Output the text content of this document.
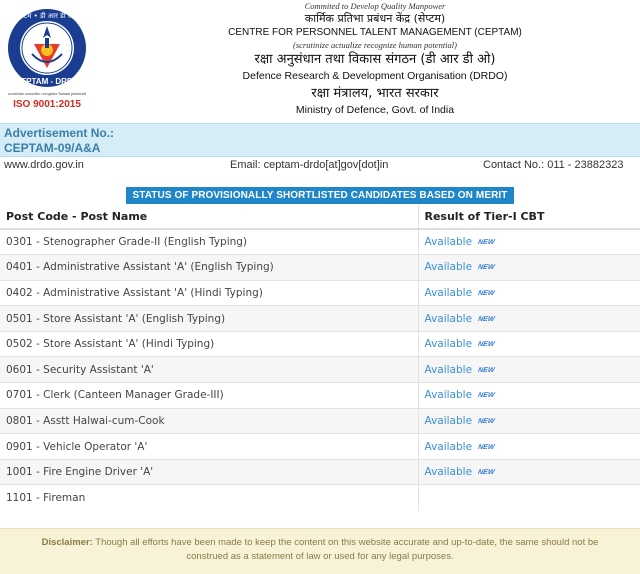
सेंटम • डी आर डी ओ
CEPTAM - DRDO
scrutinize actualize recognize human potential
ISO 9001:2015
Commited to Develop Quality Manpower
कार्मिक प्रतिभा प्रबंधन केंद्र (सेप्टम)
CENTRE FOR PERSONNEL TALENT MANAGEMENT (CEPTAM)
(scrutinize actualize recognize human potential)
रक्षा अनुसंधान तथा विकास संगठन (डी आर डी ओ)
Defence Research & Development Organisation (DRDO)
रक्षा मंत्रालय, भारत सरकार
Ministry of Defence, Govt. of India
Advertisement No.:
CEPTAM-09/A&A
www.drdo.gov.in	Email: ceptam-drdo[at]gov[dot]in	Contact No.: 011 - 23882323
STATUS OF PROVISIONALLY SHORTLISTED CANDIDATES BASED ON MERIT
Post Code - Post Name	Result of Tier-I CBT
0301 - Stenographer Grade-II (English Typing)	Available NEW
0401 - Administrative Assistant 'A' (English Typing)	Available NEW
0402 - Administrative Assistant 'A' (Hindi Typing)	Available NEW
0501 - Store Assistant 'A' (English Typing)	Available NEW
0502 - Store Assistant 'A' (Hindi Typing)	Available NEW
0601 - Security Assistant 'A'	Available NEW
0701 - Clerk (Canteen Manager Grade-III)	Available NEW
0801 - Asstt Halwai-cum-Cook	Available NEW
0901 - Vehicle Operator 'A'	Available NEW
1001 - Fire Engine Driver 'A'	Available NEW
1101 - Fireman	
Disclaimer: Though all efforts have been made to keep the content on this website accurate and up-to-date, the same should not be construed as a statement of law or used for any legal purposes.
